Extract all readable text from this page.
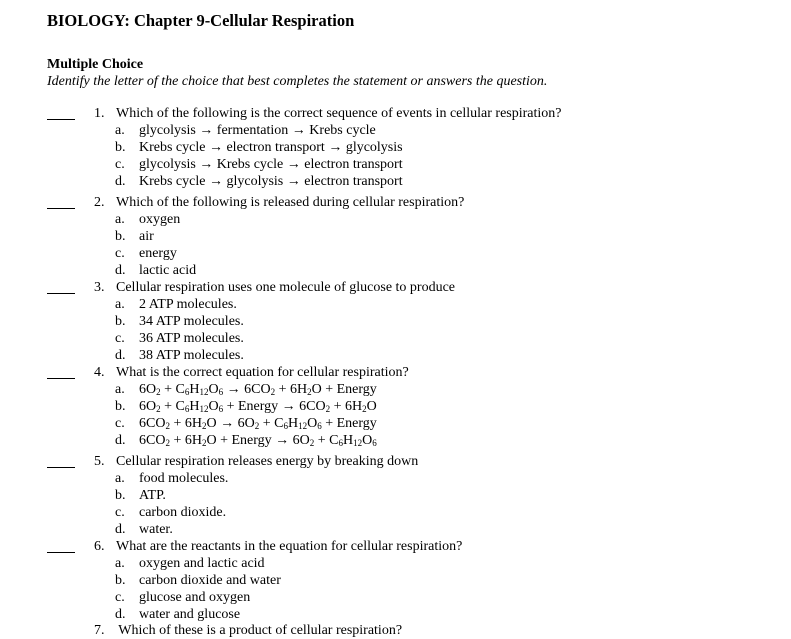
BIOLOGY: Chapter 9-Cellular Respiration
Multiple Choice
Identify the letter of the choice that best completes the statement or answers the question.
1. Which of the following is the correct sequence of events in cellular respiration?
a. glycolysis → fermentation → Krebs cycle
b. Krebs cycle → electron transport → glycolysis
c. glycolysis → Krebs cycle → electron transport
d. Krebs cycle → glycolysis → electron transport
2. Which of the following is released during cellular respiration?
a. oxygen
b. air
c. energy
d. lactic acid
3. Cellular respiration uses one molecule of glucose to produce
a. 2 ATP molecules.
b. 34 ATP molecules.
c. 36 ATP molecules.
d. 38 ATP molecules.
4. What is the correct equation for cellular respiration?
a. $6O_2 + C_6H_{12}O_6 \to 6CO_2 + 6H_2O$ + Energy
b. $6O_2 + C_6H_{12}O_6$ + Energy → $6CO_2 + 6H_2O$
c. $6CO_2 + 6H_2O \to 6O_2 + C_6H_{12}O_6$ + Energy
d. $6CO_2 + 6H_2O$ + Energy → $6O_2 + C_6H_{12}O_6$
5. Cellular respiration releases energy by breaking down
a. food molecules.
b. ATP.
c. carbon dioxide.
d. water.
6. What are the reactants in the equation for cellular respiration?
a. oxygen and lactic acid
b. carbon dioxide and water
c. glucose and oxygen
d. water and glucose
7. Which of these is a product of cellular respiration?
